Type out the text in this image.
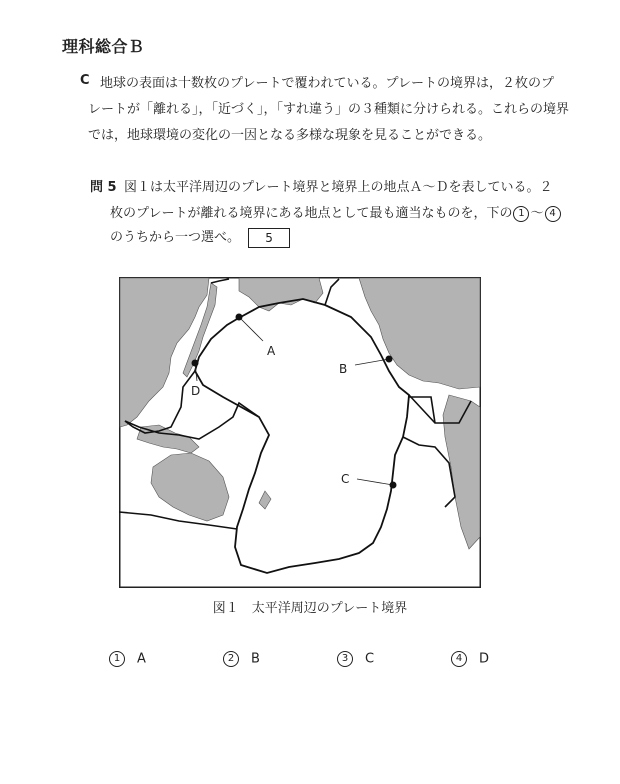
理科総合Ｂ
C 地球の表面は十数枚のプレートで覆われている。プレートの境界は，２枚のプ
レートが「離れる」，「近づく」，「すれ違う」の３種類に分けられる。これらの境界
では，地球環境の変化の一因となる多様な現象を見ることができる。
問 5 図１は太平洋周辺のプレート境界と境界上の地点Ａ～Ｄを表している。２
枚のプレートが離れる境界にある地点として最も適当なものを，下の 1 ～ 4
のうちから一つ選べ。 5
A
B
C
D
図１　太平洋周辺のプレート境界
1 A	2 B	3 C	4 D
